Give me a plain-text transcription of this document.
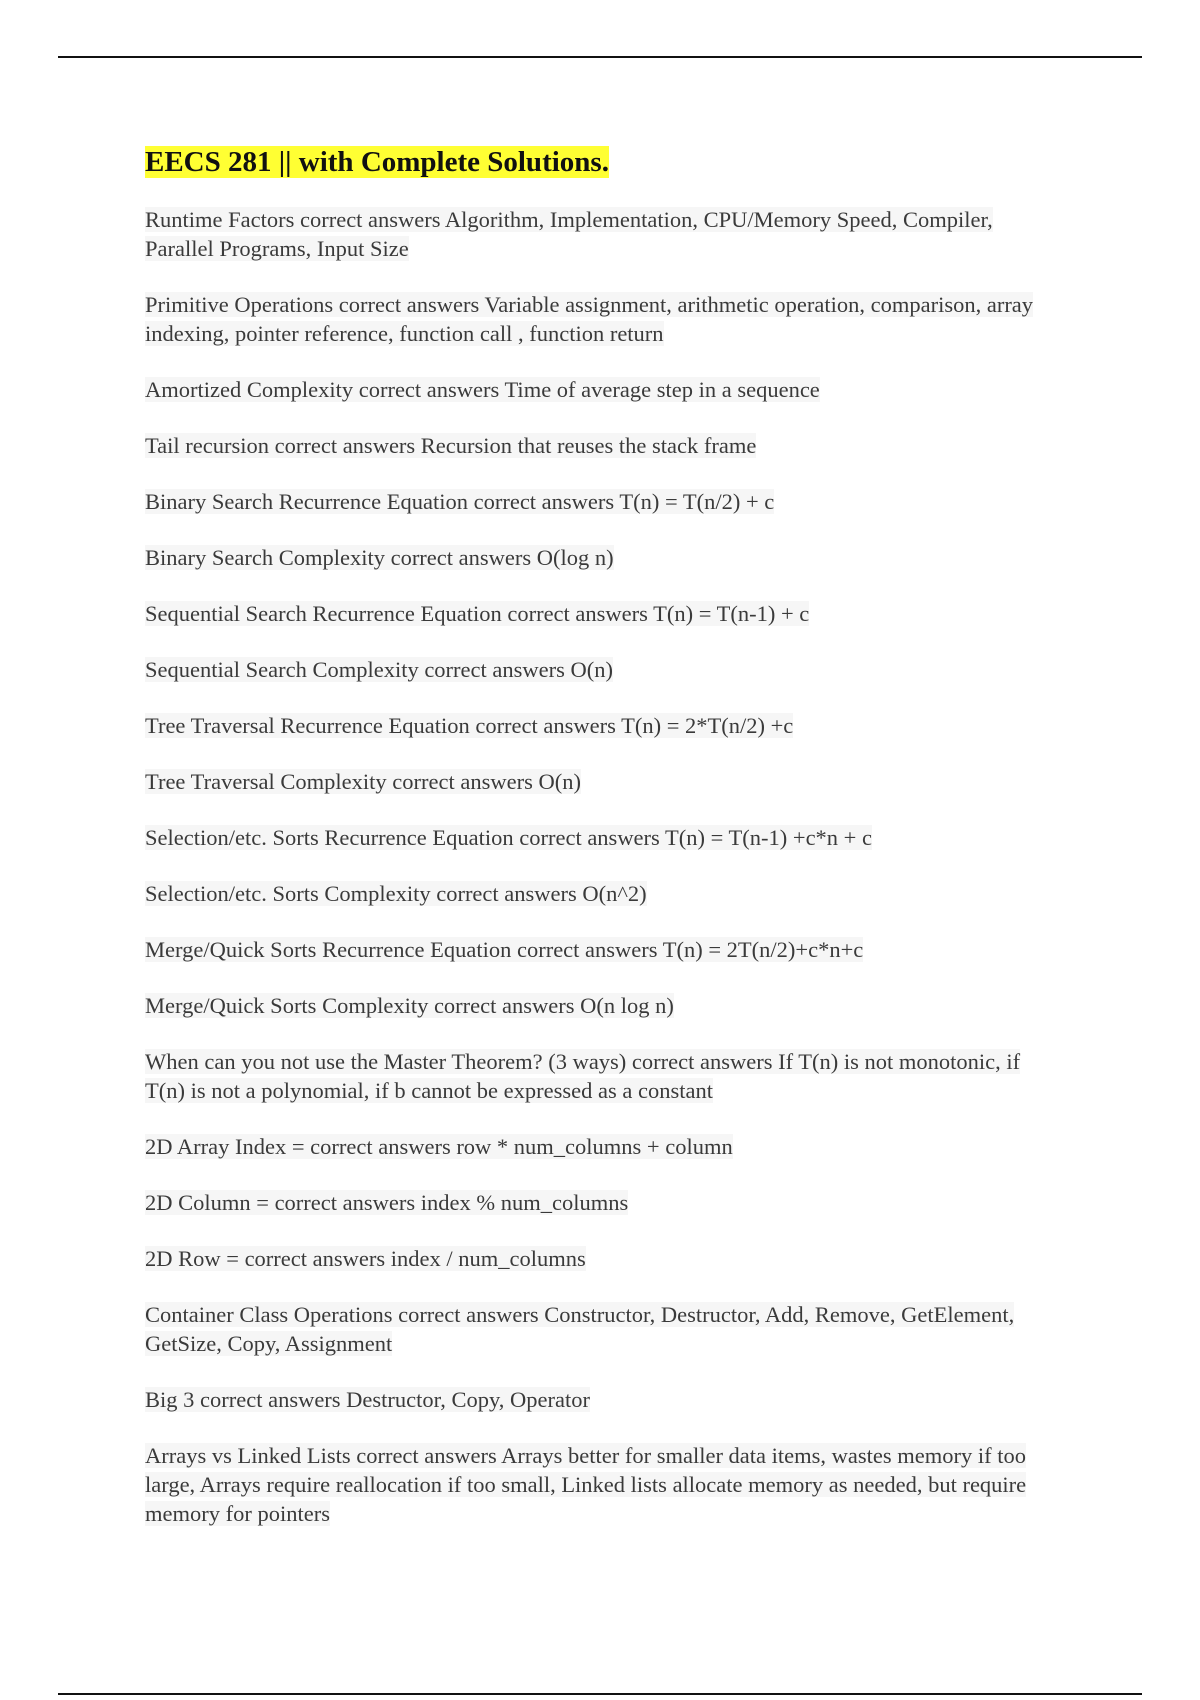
EECS 281 || with Complete Solutions.

Runtime Factors correct answers Algorithm, Implementation, CPU/Memory Speed, Compiler, Parallel Programs, Input Size

Primitive Operations correct answers Variable assignment, arithmetic operation, comparison, array indexing, pointer reference, function call , function return

Amortized Complexity correct answers Time of average step in a sequence

Tail recursion correct answers Recursion that reuses the stack frame

Binary Search Recurrence Equation correct answers T(n) = T(n/2) + c

Binary Search Complexity correct answers O(log n)

Sequential Search Recurrence Equation correct answers T(n) = T(n-1) + c

Sequential Search Complexity correct answers O(n)

Tree Traversal Recurrence Equation correct answers T(n) = 2*T(n/2) +c

Tree Traversal Complexity correct answers O(n)

Selection/etc. Sorts Recurrence Equation correct answers T(n) = T(n-1) +c*n + c

Selection/etc. Sorts Complexity correct answers O(n^2)

Merge/Quick Sorts Recurrence Equation correct answers T(n) = 2T(n/2)+c*n+c

Merge/Quick Sorts Complexity correct answers O(n log n)

When can you not use the Master Theorem? (3 ways) correct answers If T(n) is not monotonic, if T(n) is not a polynomial, if b cannot be expressed as a constant

2D Array Index = correct answers row * num_columns + column

2D Column = correct answers index % num_columns

2D Row = correct answers index / num_columns

Container Class Operations correct answers Constructor, Destructor, Add, Remove, GetElement, GetSize, Copy, Assignment

Big 3 correct answers Destructor, Copy, Operator

Arrays vs Linked Lists correct answers Arrays better for smaller data items, wastes memory if too large, Arrays require reallocation if too small, Linked lists allocate memory as needed, but require memory for pointers
